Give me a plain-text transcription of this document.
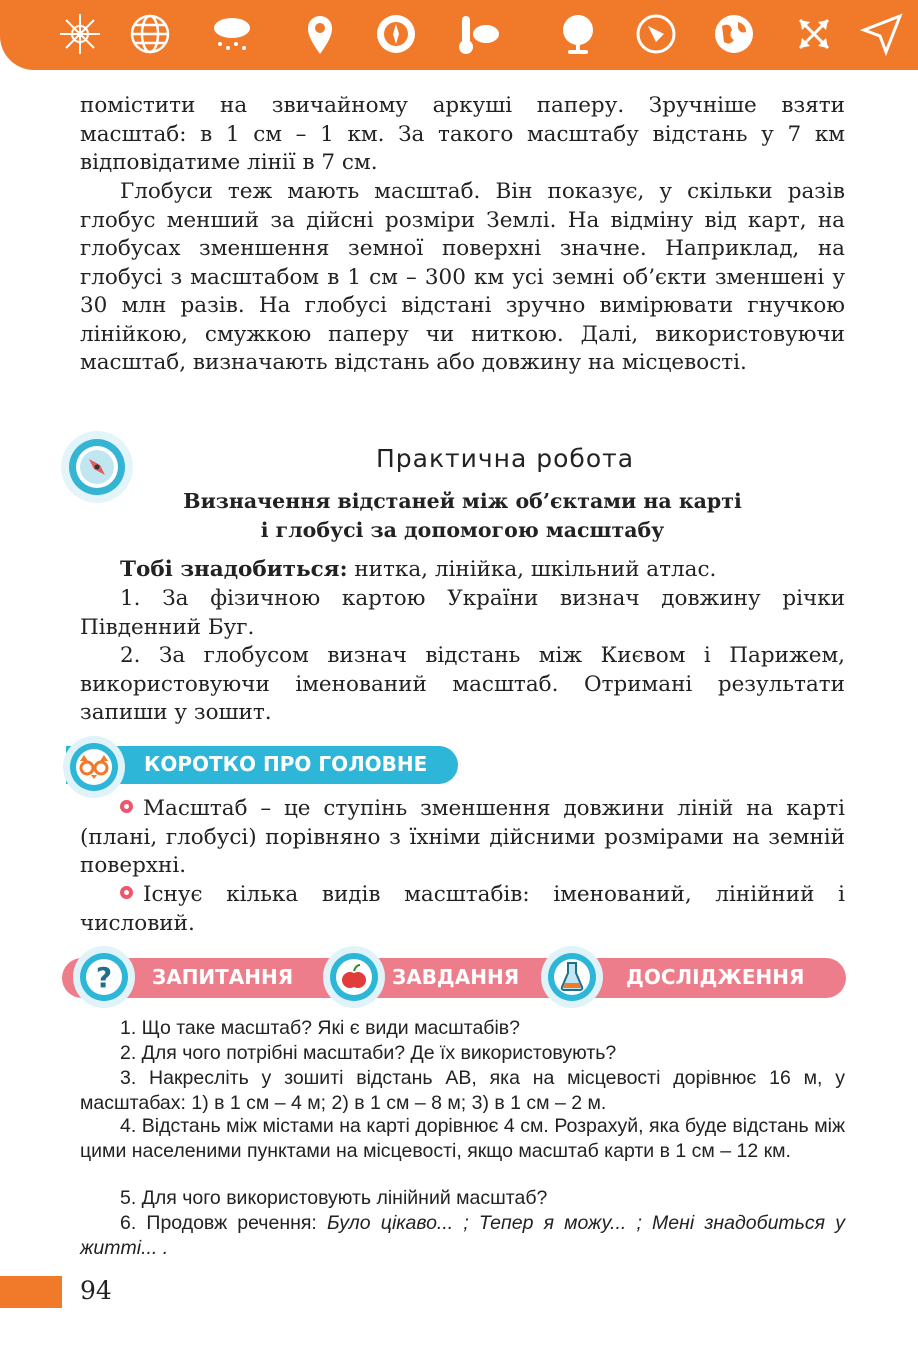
помістити на звичайному аркуші паперу. Зручніше взяти масштаб: в 1 см – 1 км. За такого масштабу відстань у 7 км відповідатиме лінії в 7 см.

Глобуси теж мають масштаб. Він показує, у скільки разів глобус менший за дійсні розміри Землі. На відміну від карт, на глобусах зменшення земної поверхні значне. Наприклад, на глобусі з масштабом в 1 см – 300 км усі земні об’єкти зменшені у 30 млн разів. На глобусі відстані зручно вимірювати гнучкою лінійкою, смужкою паперу чи ниткою. Далі, використовуючи масштаб, визначають відстань або довжину на місцевості.

Практична робота
Визначення відстаней між об’єктами на карті
і глобусі за допомогою масштабу

Тобі знадобиться: нитка, лінійка, шкільний атлас.

1. За фізичною картою України визнач довжину річки Південний Буг.

2. За глобусом визнач відстань між Києвом і Парижем, використовуючи іменований масштаб. Отримані результати запиши у зошит.

КОРОТКО ПРО ГОЛОВНЕ

Масштаб – це ступінь зменшення довжини ліній на карті (плані, глобусі) порівняно з їхніми дійсними розмірами на земній поверхні.

Існує кілька видів масштабів: іменований, лінійний і числовий.

? ЗАПИТАННЯ	ЗАВДАННЯ	ДОСЛІДЖЕННЯ

1. Що таке масштаб? Які є види масштабів?

2. Для чого потрібні масштаби? Де їх використовують?

3. Накресліть у зошиті відстань АВ, яка на місцевості дорівнює 16 м, у масштабах: 1) в 1 см – 4 м; 2) в 1 см – 8 м; 3) в 1 см – 2 м.

4. Відстань між містами на карті дорівнює 4 см. Розрахуй, яка буде відстань між цими населеними пунктами на місцевості, якщо масштаб карти в 1 см – 12 км.

5. Для чого використовують лінійний масштаб?

6. Продовж речення: Було цікаво... ; Тепер я можу... ; Мені знадобиться у житті... .

94
